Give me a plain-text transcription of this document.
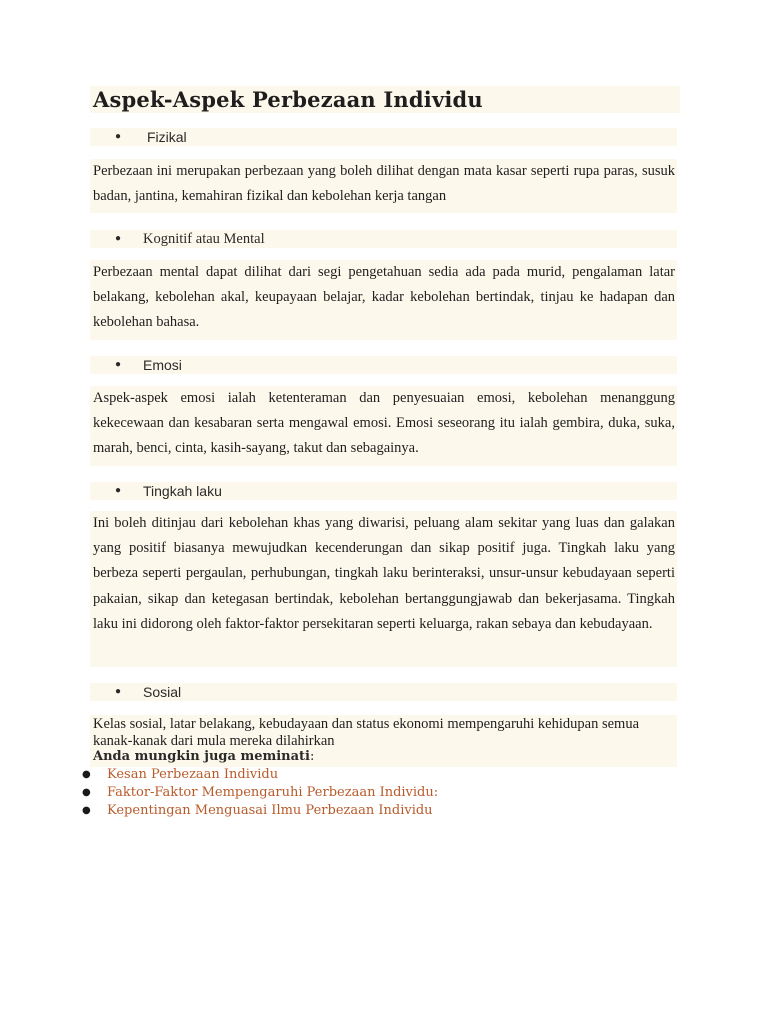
Aspek-Aspek Perbezaan Individu
● Fizikal
Perbezaan ini merupakan perbezaan yang boleh dilihat dengan mata kasar seperti rupa paras, susuk badan, jantina, kemahiran fizikal dan kebolehan kerja tangan
● Kognitif atau Mental
Perbezaan mental dapat dilihat dari segi pengetahuan sedia ada pada murid, pengalaman latar belakang, kebolehan akal, keupayaan belajar, kadar kebolehan bertindak, tinjau ke hadapan dan kebolehan bahasa.
● Emosi
Aspek-aspek emosi ialah ketenteraman dan penyesuaian emosi, kebolehan menanggung kekecewaan dan kesabaran serta mengawal emosi. Emosi seseorang itu ialah gembira, duka, suka, marah, benci, cinta, kasih-sayang, takut dan sebagainya.
● Tingkah laku
Ini boleh ditinjau dari kebolehan khas yang diwarisi, peluang alam sekitar yang luas dan galakan yang positif biasanya mewujudkan kecenderungan dan sikap positif juga. Tingkah laku yang berbeza seperti pergaulan, perhubungan, tingkah laku berinteraksi, unsur-unsur kebudayaan seperti pakaian, sikap dan ketegasan bertindak, kebolehan bertanggungjawab dan bekerjasama. Tingkah laku ini didorong oleh faktor-faktor persekitaran seperti keluarga, rakan sebaya dan kebudayaan.
● Sosial
Kelas sosial, latar belakang, kebudayaan dan status ekonomi mempengaruhi kehidupan semua kanak-kanak dari mula mereka dilahirkan
Anda mungkin juga meminati:
● Kesan Perbezaan Individu
● Faktor-Faktor Mempengaruhi Perbezaan Individu:
● Kepentingan Menguasai Ilmu Perbezaan Individu
